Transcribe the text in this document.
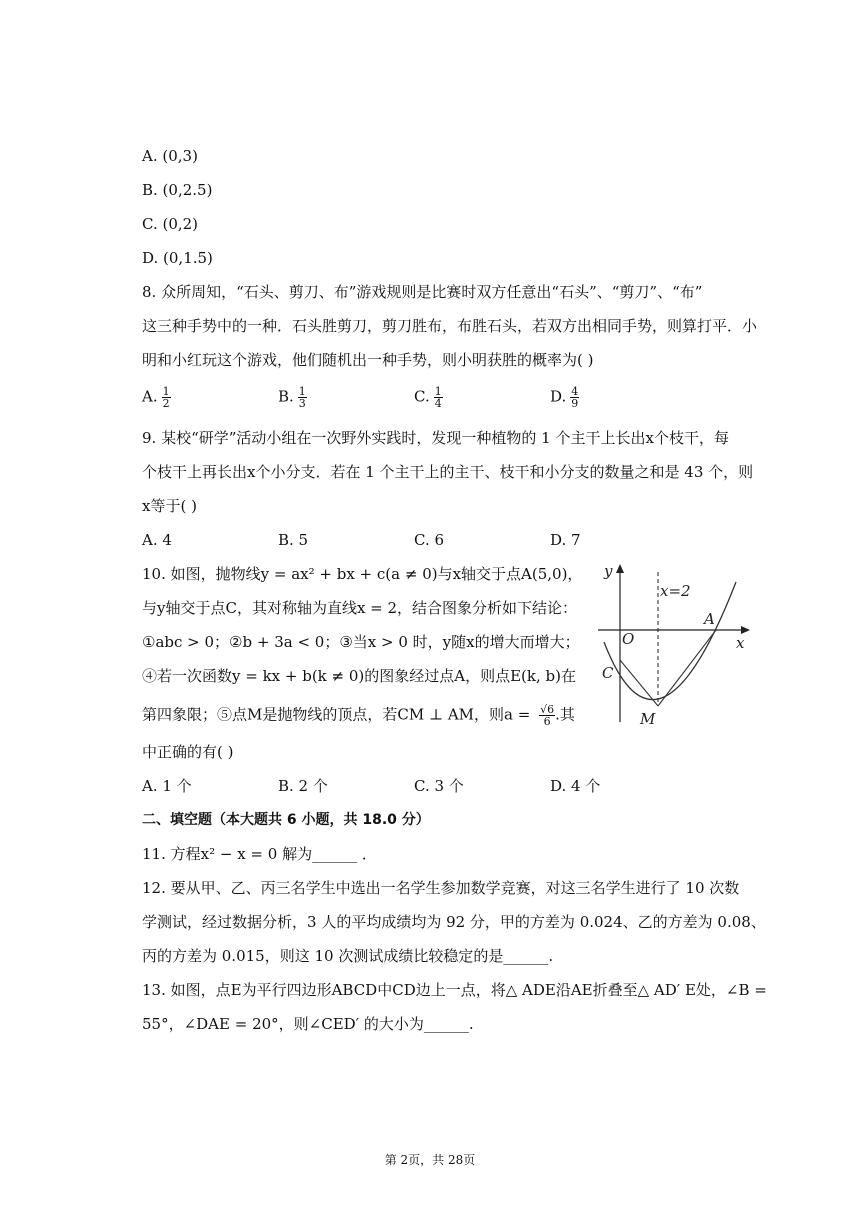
A. (0,3)
B. (0,2.5)
C. (0,2)
D. (0,1.5)
8. 众所周知，“石头、剪刀、布”游戏规则是比赛时双方任意出“石头”、“剪刀”、“布”
这三种手势中的一种．石头胜剪刀，剪刀胜布，布胜石头，若双方出相同手势，则算打平．小
明和小红玩这个游戏，他们随机出一种手势，则小明获胜的概率为( )
A. $\frac{1}{2}$	B. $\frac{1}{3}$	C. $\frac{1}{4}$	D. $\frac{4}{9}$
9. 某校“研学”活动小组在一次野外实践时，发现一种植物的 1 个主干上长出x个枝干，每
个枝干上再长出x个小分支．若在 1 个主干上的主干、枝干和小分支的数量之和是 43 个，则
x等于( )
A. 4	B. 5	C. 6	D. 7
10. 如图，抛物线y = ax² + bx + c(a ≠ 0)与x轴交于点A(5,0)，
与y轴交于点C，其对称轴为直线x = 2，结合图象分析如下结论：
①abc > 0；②b + 3a < 0；③当x > 0 时，y随x的增大而增大；
④若一次函数y = kx + b(k ≠ 0)的图象经过点A，则点E(k, b)在
第四象限；⑤点M是抛物线的顶点，若CM ⊥ AM，则$a = \frac{√6}{6}$ .其
中正确的有( )
A. 1 个	B. 2 个	C. 3 个	D. 4 个
y
x
x=2
O
A
C
M
二、填空题（本大题共 6 小题，共 18.0 分）
11. 方程x² − x = 0 解为______ ．
12. 要从甲、乙、丙三名学生中选出一名学生参加数学竞赛，对这三名学生进行了 10 次数
学测试，经过数据分析，3 人的平均成绩均为 92 分，甲的方差为 0.024、乙的方差为 0.08、
丙的方差为 0.015，则这 10 次测试成绩比较稳定的是______.
13. 如图，点E为平行四边形ABCD中CD边上一点，将△ ADE沿AE折叠至△ AD′ E处，∠B =
55°，∠DAE = 20°，则∠CED′ 的大小为______.
第 2页，共 28页
